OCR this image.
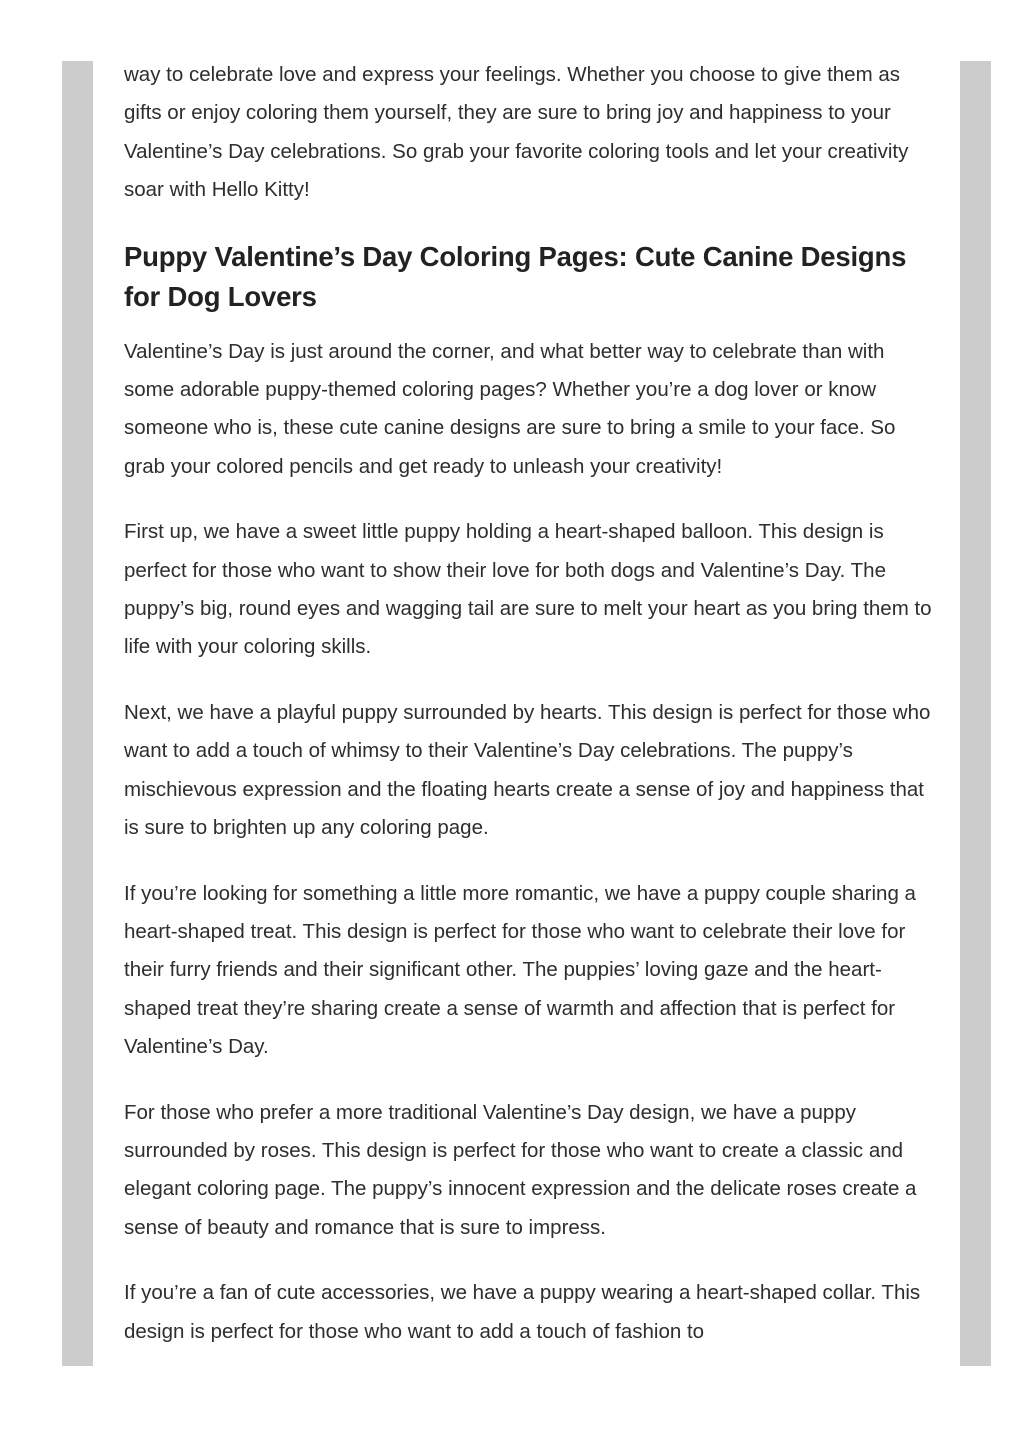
way to celebrate love and express your feelings. Whether you choose to give them as gifts or enjoy coloring them yourself, they are sure to bring joy and happiness to your Valentine’s Day celebrations. So grab your favorite coloring tools and let your creativity soar with Hello Kitty!

Puppy Valentine’s Day Coloring Pages: Cute Canine Designs for Dog Lovers

Valentine’s Day is just around the corner, and what better way to celebrate than with some adorable puppy-themed coloring pages? Whether you’re a dog lover or know someone who is, these cute canine designs are sure to bring a smile to your face. So grab your colored pencils and get ready to unleash your creativity!

First up, we have a sweet little puppy holding a heart-shaped balloon. This design is perfect for those who want to show their love for both dogs and Valentine’s Day. The puppy’s big, round eyes and wagging tail are sure to melt your heart as you bring them to life with your coloring skills.

Next, we have a playful puppy surrounded by hearts. This design is perfect for those who want to add a touch of whimsy to their Valentine’s Day celebrations. The puppy’s mischievous expression and the floating hearts create a sense of joy and happiness that is sure to brighten up any coloring page.

If you’re looking for something a little more romantic, we have a puppy couple sharing a heart-shaped treat. This design is perfect for those who want to celebrate their love for their furry friends and their significant other. The puppies’ loving gaze and the heart-shaped treat they’re sharing create a sense of warmth and affection that is perfect for Valentine’s Day.

For those who prefer a more traditional Valentine’s Day design, we have a puppy surrounded by roses. This design is perfect for those who want to create a classic and elegant coloring page. The puppy’s innocent expression and the delicate roses create a sense of beauty and romance that is sure to impress.

If you’re a fan of cute accessories, we have a puppy wearing a heart-shaped collar. This design is perfect for those who want to add a touch of fashion to
